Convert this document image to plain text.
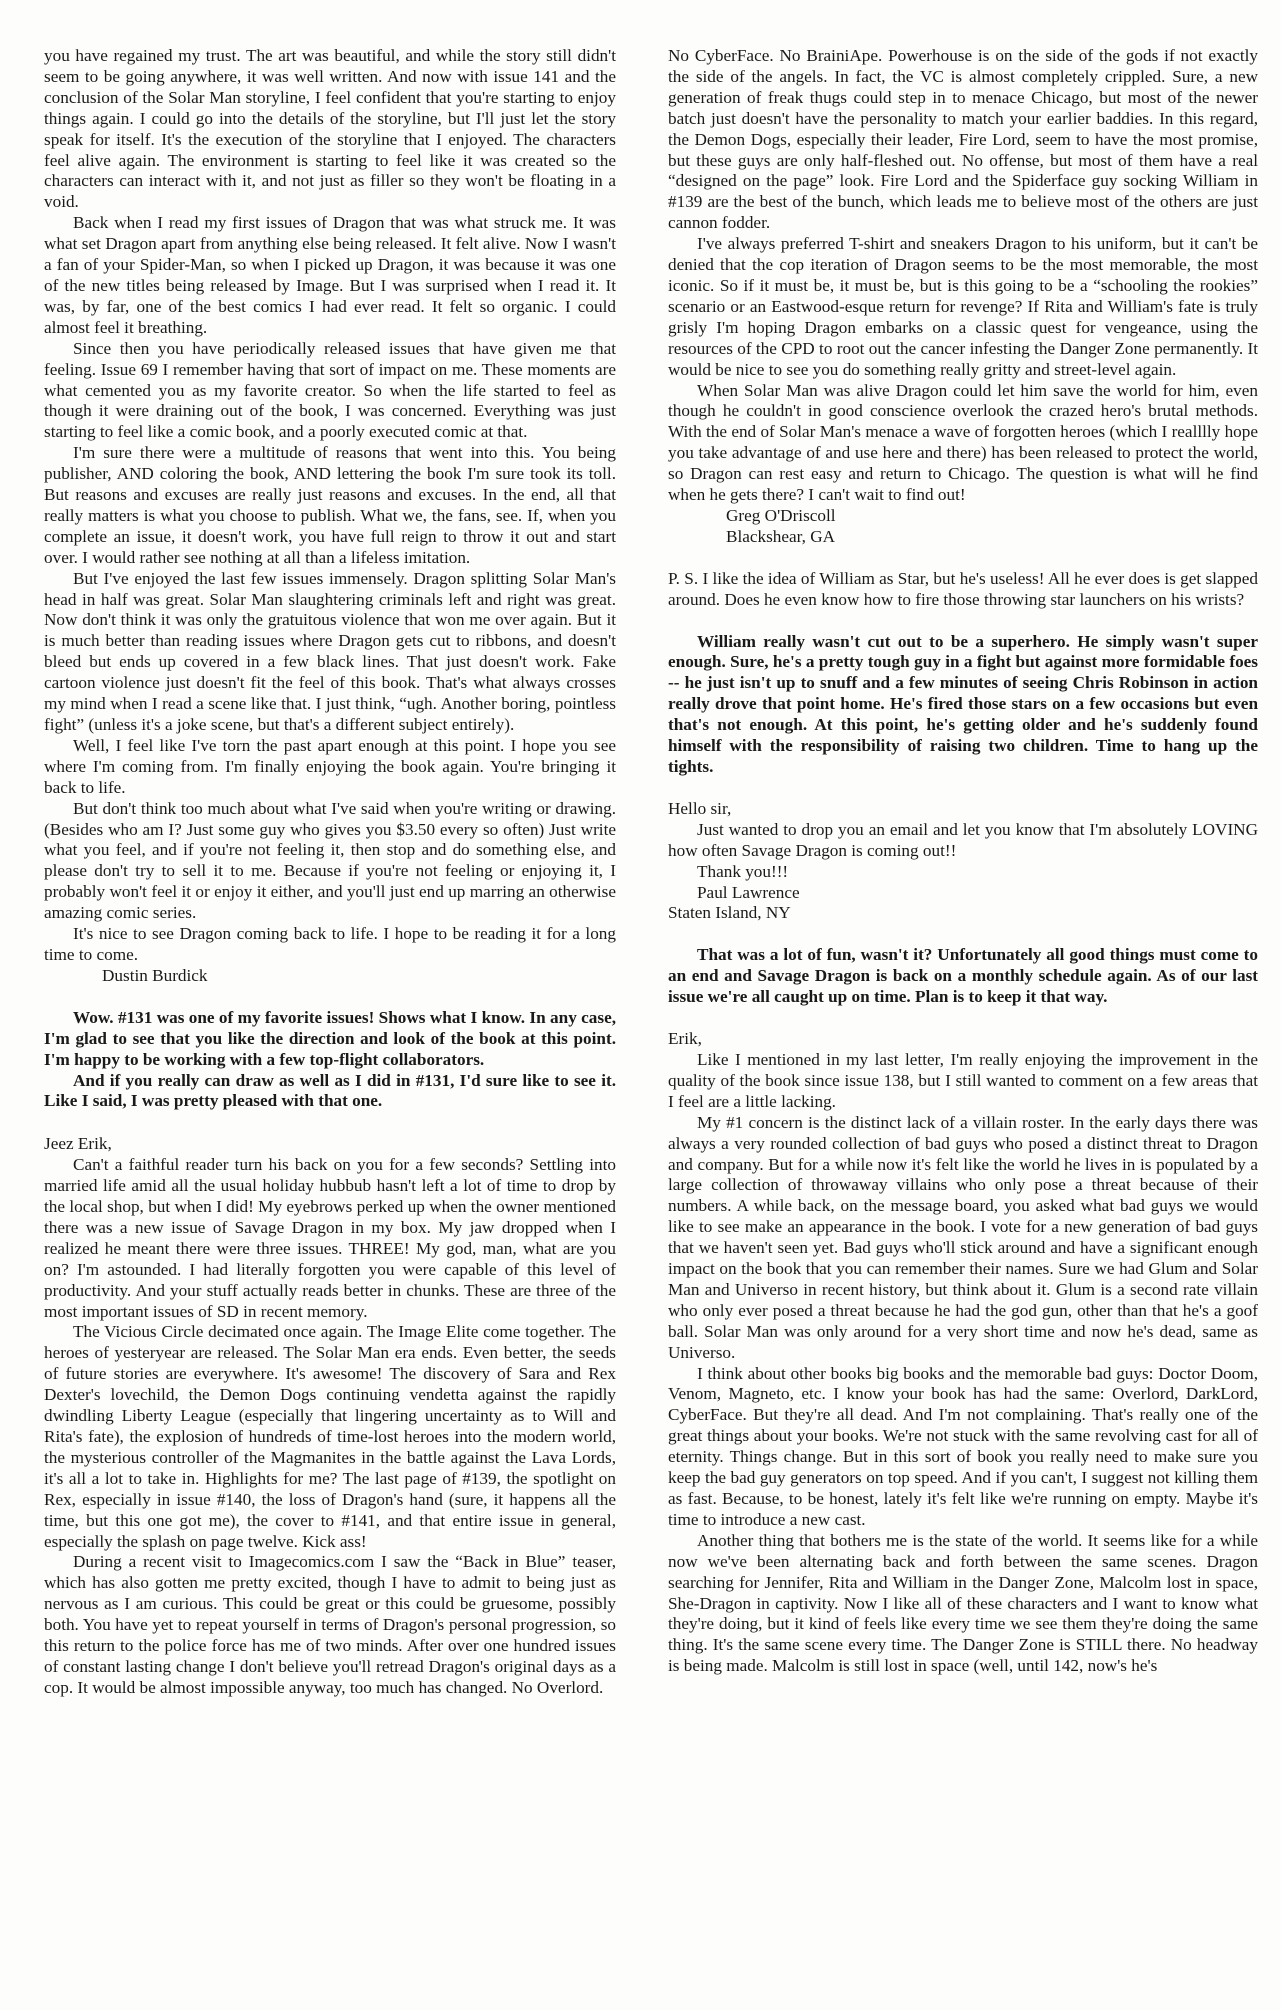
you have regained my trust. The art was beautiful, and while the story still didn't seem to be going anywhere, it was well written. And now with issue 141 and the conclusion of the Solar Man storyline, I feel confident that you're starting to enjoy things again. I could go into the details of the storyline, but I'll just let the story speak for itself. It's the execution of the storyline that I enjoyed. The characters feel alive again. The environment is starting to feel like it was created so the characters can interact with it, and not just as filler so they won't be floating in a void.

Back when I read my first issues of Dragon that was what struck me. It was what set Dragon apart from anything else being released. It felt alive. Now I wasn't a fan of your Spider-Man, so when I picked up Dragon, it was because it was one of the new titles being released by Image. But I was surprised when I read it. It was, by far, one of the best comics I had ever read. It felt so organic. I could almost feel it breathing.

Since then you have periodically released issues that have given me that feeling. Issue 69 I remember having that sort of impact on me. These moments are what cemented you as my favorite creator. So when the life started to feel as though it were draining out of the book, I was concerned. Everything was just starting to feel like a comic book, and a poorly executed comic at that.

I'm sure there were a multitude of reasons that went into this. You being publisher, AND coloring the book, AND lettering the book I'm sure took its toll. But reasons and excuses are really just reasons and excuses. In the end, all that really matters is what you choose to publish. What we, the fans, see. If, when you complete an issue, it doesn't work, you have full reign to throw it out and start over. I would rather see nothing at all than a lifeless imitation.

But I've enjoyed the last few issues immensely. Dragon splitting Solar Man's head in half was great. Solar Man slaughtering criminals left and right was great. Now don't think it was only the gratuitous violence that won me over again. But it is much better than reading issues where Dragon gets cut to ribbons, and doesn't bleed but ends up covered in a few black lines. That just doesn't work. Fake cartoon violence just doesn't fit the feel of this book. That's what always crosses my mind when I read a scene like that. I just think, “ugh. Another boring, pointless fight” (unless it's a joke scene, but that's a different subject entirely).

Well, I feel like I've torn the past apart enough at this point. I hope you see where I'm coming from. I'm finally enjoying the book again. You're bringing it back to life.

But don't think too much about what I've said when you're writing or drawing. (Besides who am I? Just some guy who gives you $3.50 every so often) Just write what you feel, and if you're not feeling it, then stop and do something else, and please don't try to sell it to me. Because if you're not feeling or enjoying it, I probably won't feel it or enjoy it either, and you'll just end up marring an otherwise amazing comic series.

It's nice to see Dragon coming back to life. I hope to be reading it for a long time to come.

Dustin Burdick

Wow. #131 was one of my favorite issues! Shows what I know. In any case, I'm glad to see that you like the direction and look of the book at this point. I'm happy to be working with a few top-flight collaborators.

And if you really can draw as well as I did in #131, I'd sure like to see it. Like I said, I was pretty pleased with that one.

Jeez Erik,

Can't a faithful reader turn his back on you for a few seconds? Settling into married life amid all the usual holiday hubbub hasn't left a lot of time to drop by the local shop, but when I did! My eyebrows perked up when the owner mentioned there was a new issue of Savage Dragon in my box. My jaw dropped when I realized he meant there were three issues. THREE! My god, man, what are you on? I'm astounded. I had literally forgotten you were capable of this level of productivity. And your stuff actually reads better in chunks. These are three of the most important issues of SD in recent memory.

The Vicious Circle decimated once again. The Image Elite come together. The heroes of yesteryear are released. The Solar Man era ends. Even better, the seeds of future stories are everywhere. It's awesome! The discovery of Sara and Rex Dexter's lovechild, the Demon Dogs continuing vendetta against the rapidly dwindling Liberty League (especially that lingering uncertainty as to Will and Rita's fate), the explosion of hundreds of time-lost heroes into the modern world, the mysterious controller of the Magmanites in the battle against the Lava Lords, it's all a lot to take in. Highlights for me? The last page of #139, the spotlight on Rex, especially in issue #140, the loss of Dragon's hand (sure, it happens all the time, but this one got me), the cover to #141, and that entire issue in general, especially the splash on page twelve. Kick ass!

During a recent visit to Imagecomics.com I saw the “Back in Blue” teaser, which has also gotten me pretty excited, though I have to admit to being just as nervous as I am curious. This could be great or this could be gruesome, possibly both. You have yet to repeat yourself in terms of Dragon's personal progression, so this return to the police force has me of two minds. After over one hundred issues of constant lasting change I don't believe you'll retread Dragon's original days as a cop. It would be almost impossible anyway, too much has changed. No Overlord.

No CyberFace. No BrainiApe. Powerhouse is on the side of the gods if not exactly the side of the angels. In fact, the VC is almost completely crippled. Sure, a new generation of freak thugs could step in to menace Chicago, but most of the newer batch just doesn't have the personality to match your earlier baddies. In this regard, the Demon Dogs, especially their leader, Fire Lord, seem to have the most promise, but these guys are only half-fleshed out. No offense, but most of them have a real “designed on the page” look. Fire Lord and the Spiderface guy socking William in #139 are the best of the bunch, which leads me to believe most of the others are just cannon fodder.

I've always preferred T-shirt and sneakers Dragon to his uniform, but it can't be denied that the cop iteration of Dragon seems to be the most memorable, the most iconic. So if it must be, it must be, but is this going to be a “schooling the rookies” scenario or an Eastwood-esque return for revenge? If Rita and William's fate is truly grisly I'm hoping Dragon embarks on a classic quest for vengeance, using the resources of the CPD to root out the cancer infesting the Danger Zone permanently. It would be nice to see you do something really gritty and street-level again.

When Solar Man was alive Dragon could let him save the world for him, even though he couldn't in good conscience overlook the crazed hero's brutal methods. With the end of Solar Man's menace a wave of forgotten heroes (which I realllly hope you take advantage of and use here and there) has been released to protect the world, so Dragon can rest easy and return to Chicago. The question is what will he find when he gets there? I can't wait to find out!

Greg O'Driscoll
Blackshear, GA

P. S. I like the idea of William as Star, but he's useless! All he ever does is get slapped around. Does he even know how to fire those throwing star launchers on his wrists?

William really wasn't cut out to be a superhero. He simply wasn't super enough. Sure, he's a pretty tough guy in a fight but against more formidable foes -- he just isn't up to snuff and a few minutes of seeing Chris Robinson in action really drove that point home. He's fired those stars on a few occasions but even that's not enough. At this point, he's getting older and he's suddenly found himself with the responsibility of raising two children. Time to hang up the tights.

Hello sir,

Just wanted to drop you an email and let you know that I'm absolutely LOVING how often Savage Dragon is coming out!!

Thank you!!!

Paul Lawrence

Staten Island, NY

That was a lot of fun, wasn't it? Unfortunately all good things must come to an end and Savage Dragon is back on a monthly schedule again. As of our last issue we're all caught up on time. Plan is to keep it that way.

Erik,

Like I mentioned in my last letter, I'm really enjoying the improvement in the quality of the book since issue 138, but I still wanted to comment on a few areas that I feel are a little lacking.

My #1 concern is the distinct lack of a villain roster. In the early days there was always a very rounded collection of bad guys who posed a distinct threat to Dragon and company. But for a while now it's felt like the world he lives in is populated by a large collection of throwaway villains who only pose a threat because of their numbers. A while back, on the message board, you asked what bad guys we would like to see make an appearance in the book. I vote for a new generation of bad guys that we haven't seen yet. Bad guys who'll stick around and have a significant enough impact on the book that you can remember their names. Sure we had Glum and Solar Man and Universo in recent history, but think about it. Glum is a second rate villain who only ever posed a threat because he had the god gun, other than that he's a goof ball. Solar Man was only around for a very short time and now he's dead, same as Universo.

I think about other books big books and the memorable bad guys: Doctor Doom, Venom, Magneto, etc. I know your book has had the same: Overlord, DarkLord, CyberFace. But they're all dead. And I'm not complaining. That's really one of the great things about your books. We're not stuck with the same revolving cast for all of eternity. Things change. But in this sort of book you really need to make sure you keep the bad guy generators on top speed. And if you can't, I suggest not killing them as fast. Because, to be honest, lately it's felt like we're running on empty. Maybe it's time to introduce a new cast.

Another thing that bothers me is the state of the world. It seems like for a while now we've been alternating back and forth between the same scenes. Dragon searching for Jennifer, Rita and William in the Danger Zone, Malcolm lost in space, She-Dragon in captivity. Now I like all of these characters and I want to know what they're doing, but it kind of feels like every time we see them they're doing the same thing. It's the same scene every time. The Danger Zone is STILL there. No headway is being made. Malcolm is still lost in space (well, until 142, now's he's
